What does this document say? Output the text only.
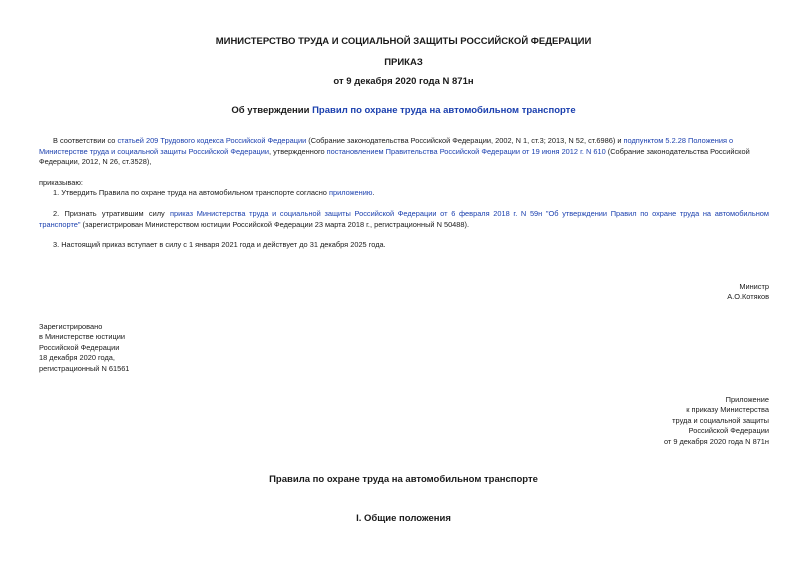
МИНИСТЕРСТВО ТРУДА И СОЦИАЛЬНОЙ ЗАЩИТЫ РОССИЙСКОЙ ФЕДЕРАЦИИ
ПРИКАЗ
от 9 декабря 2020 года N 871н
Об утверждении Правил по охране труда на автомобильном транспорте
В соответствии со статьей 209 Трудового кодекса Российской Федерации (Собрание законодательства Российской Федерации, 2002, N 1, ст.3; 2013, N 52, ст.6986) и подпунктом 5.2.28 Положения о Министерстве труда и социальной защиты Российской Федерации, утвержденного постановлением Правительства Российской Федерации от 19 июня 2012 г. N 610 (Собрание законодательства Российской Федерации, 2012, N 26, ст.3528),
приказываю:
1. Утвердить Правила по охране труда на автомобильном транспорте согласно приложению.
2. Признать утратившим силу приказ Министерства труда и социальной защиты Российской Федерации от 6 февраля 2018 г. N 59н "Об утверждении Правил по охране труда на автомобильном транспорте" (зарегистрирован Министерством юстиции Российской Федерации 23 марта 2018 г., регистрационный N 50488).
3. Настоящий приказ вступает в силу с 1 января 2021 года и действует до 31 декабря 2025 года.
Министр
А.О.Котяков
Зарегистрировано
в Министерстве юстиции
Российской Федерации
18 декабря 2020 года,
регистрационный N 61561
Приложение
к приказу Министерства
труда и социальной защиты
Российской Федерации
от 9 декабря 2020 года N 871н
Правила по охране труда на автомобильном транспорте
I. Общие положения
